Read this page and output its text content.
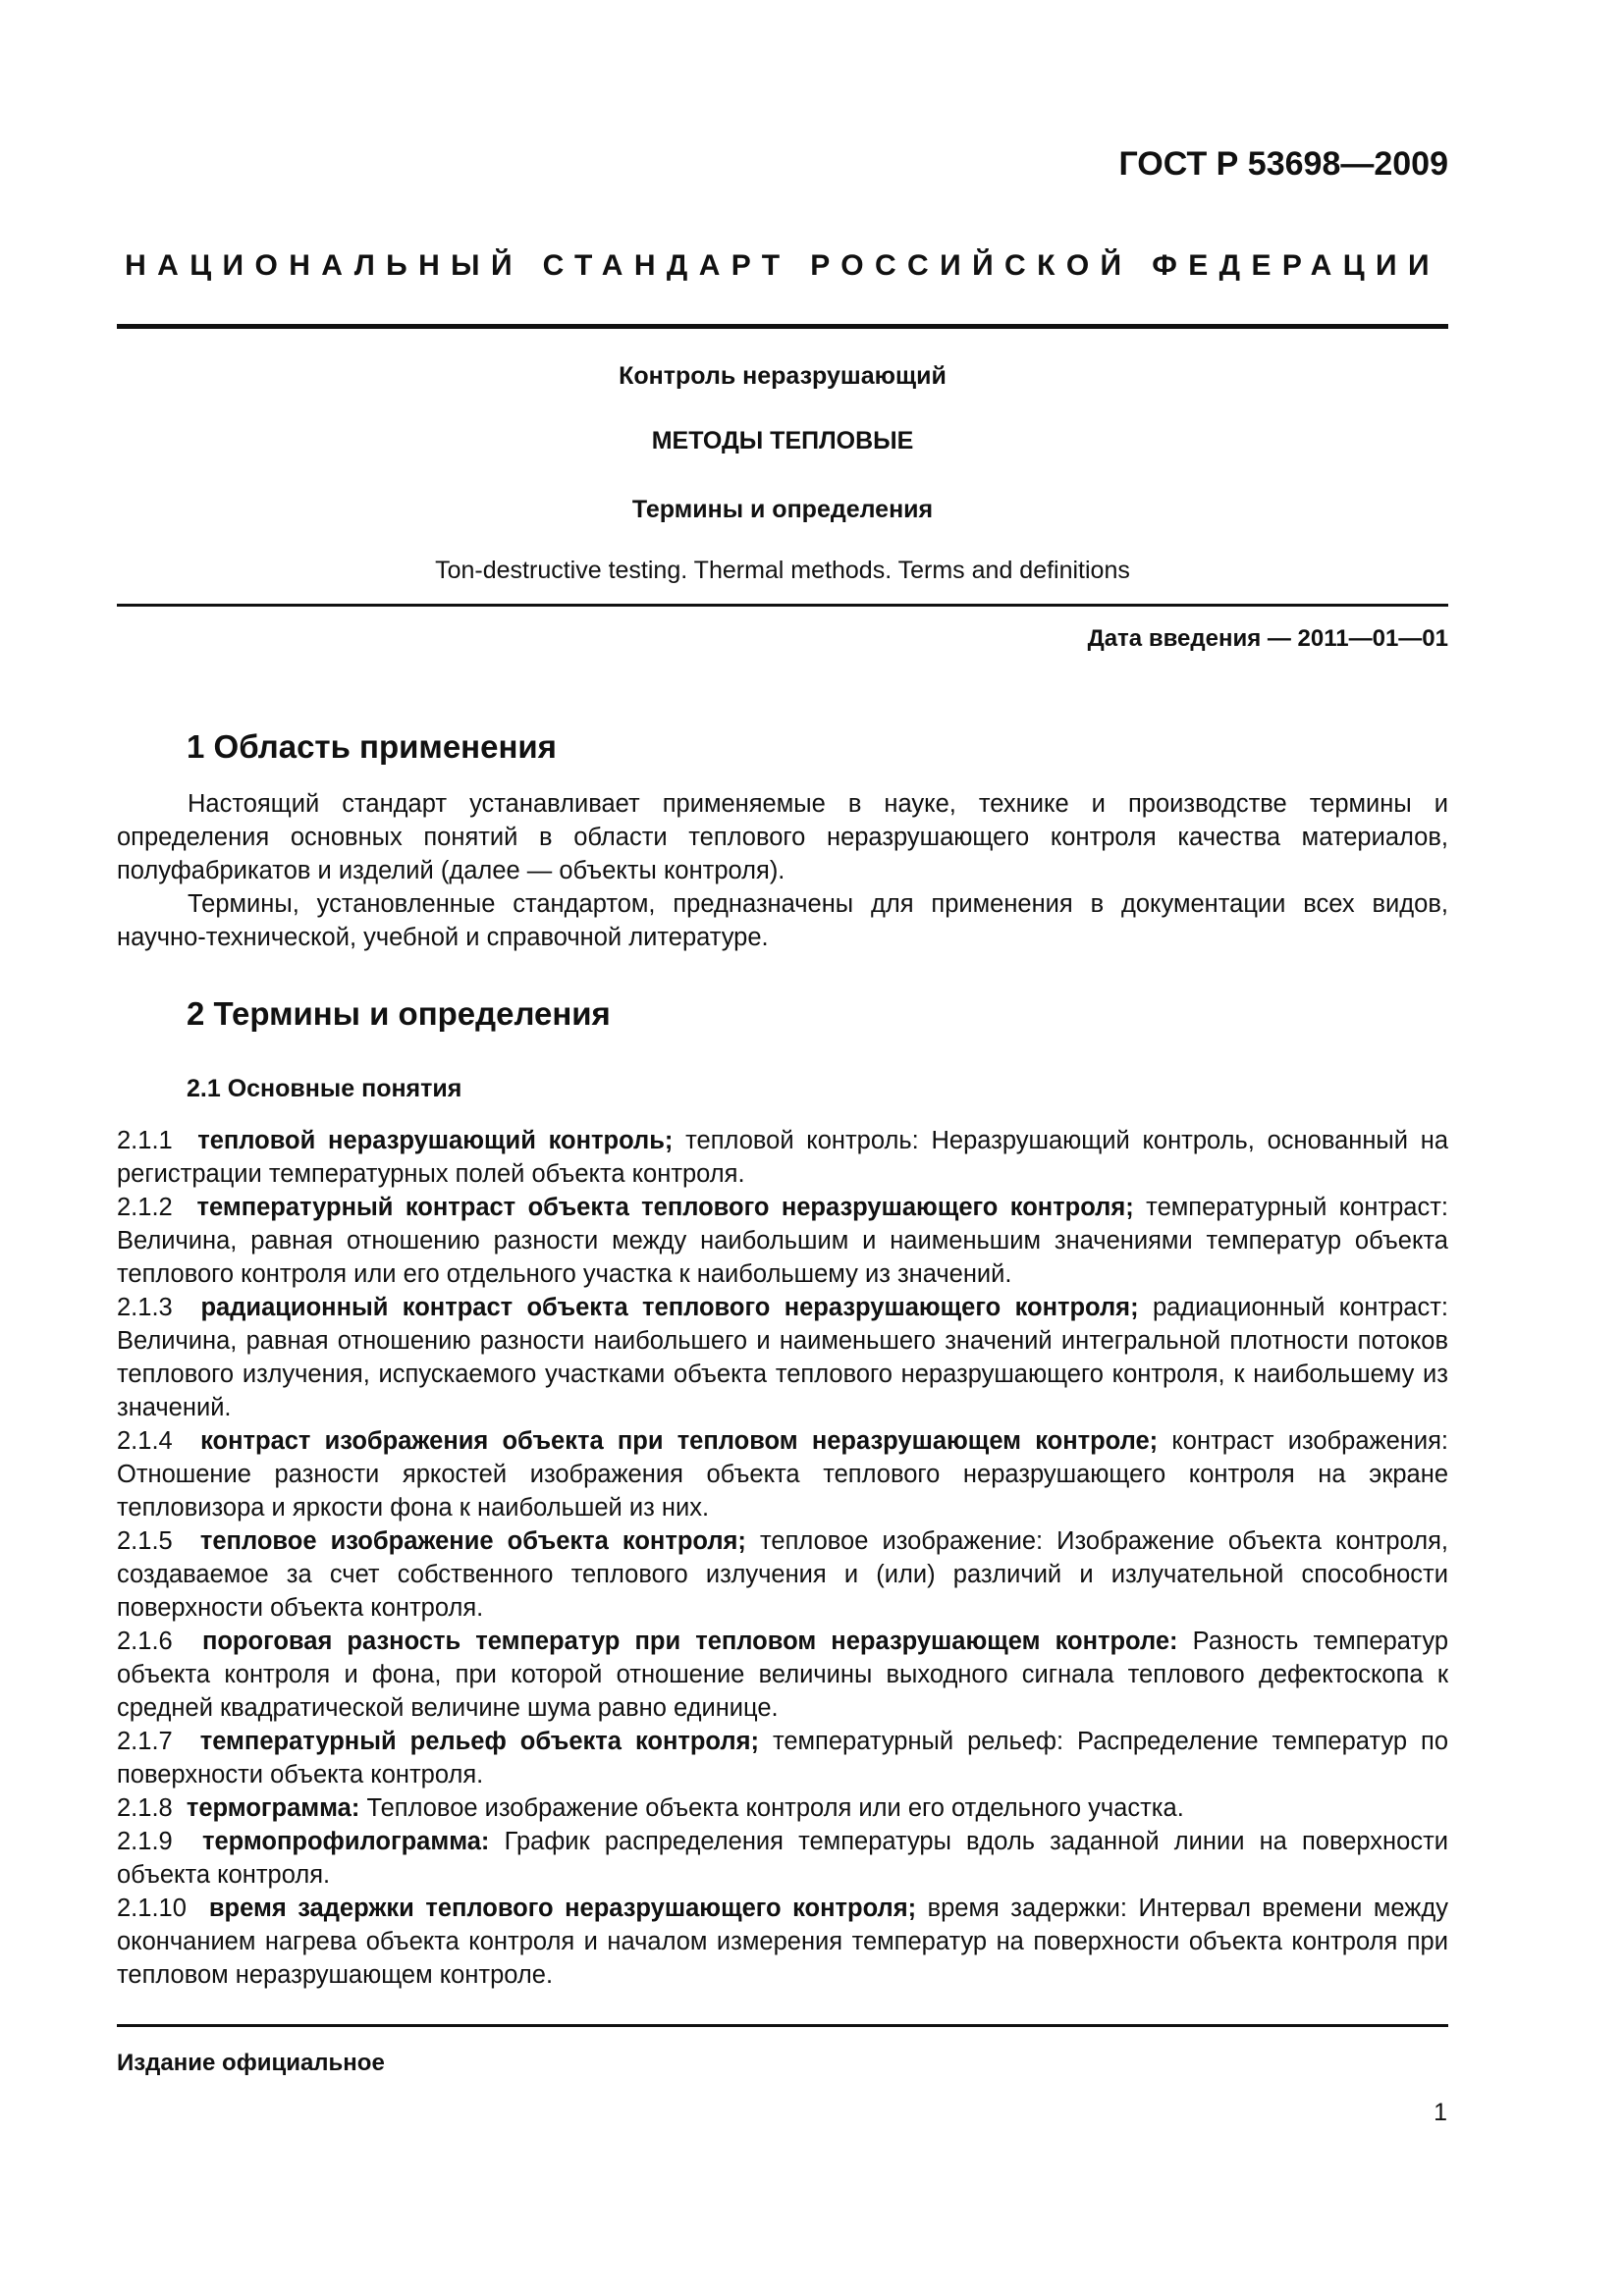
ГОСТ Р 53698—2009
НАЦИОНАЛЬНЫЙ СТАНДАРТ РОССИЙСКОЙ ФЕДЕРАЦИИ
Контроль неразрушающий
МЕТОДЫ ТЕПЛОВЫЕ
Термины и определения
Ton-destructive testing. Thermal methods. Terms and definitions
Дата введения — 2011—01—01
1 Область применения

Настоящий стандарт устанавливает применяемые в науке, технике и производстве термины и определения основных понятий в области теплового неразрушающего контроля качества материалов, полуфабрикатов и изделий (далее — объекты контроля).

Термины, установленные стандартом, предназначены для применения в документации всех видов, научно-технической, учебной и справочной литературе.

2 Термины и определения
2.1 Основные понятия

2.1.1 тепловой неразрушающий контроль; тепловой контроль: Неразрушающий контроль, основанный на регистрации температурных полей объекта контроля.

2.1.2 температурный контраст объекта теплового неразрушающего контроля; температурный контраст: Величина, равная отношению разности между наибольшим и наименьшим значениями температур объекта теплового контроля или его отдельного участка к наибольшему из значений.

2.1.3 радиационный контраст объекта теплового неразрушающего контроля; радиационный контраст: Величина, равная отношению разности наибольшего и наименьшего значений интегральной плотности потоков теплового излучения, испускаемого участками объекта теплового неразрушающего контроля, к наибольшему из значений.

2.1.4 контраст изображения объекта при тепловом неразрушающем контроле; контраст изображения: Отношение разности яркостей изображения объекта теплового неразрушающего контроля на экране тепловизора и яркости фона к наибольшей из них.

2.1.5 тепловое изображение объекта контроля; тепловое изображение: Изображение объекта контроля, создаваемое за счет собственного теплового излучения и (или) различий и излучательной способности поверхности объекта контроля.

2.1.6 пороговая разность температур при тепловом неразрушающем контроле: Разность температур объекта контроля и фона, при которой отношение величины выходного сигнала теплового дефектоскопа к средней квадратической величине шума равно единице.

2.1.7 температурный рельеф объекта контроля; температурный рельеф: Распределение температур по поверхности объекта контроля.

2.1.8 термограмма: Тепловое изображение объекта контроля или его отдельного участка.

2.1.9 термопрофилограмма: График распределения температуры вдоль заданной линии на поверхности объекта контроля.

2.1.10 время задержки теплового неразрушающего контроля; время задержки: Интервал времени между окончанием нагрева объекта контроля и началом измерения температур на поверхности объекта контроля при тепловом неразрушающем контроле.

Издание официальное
1
